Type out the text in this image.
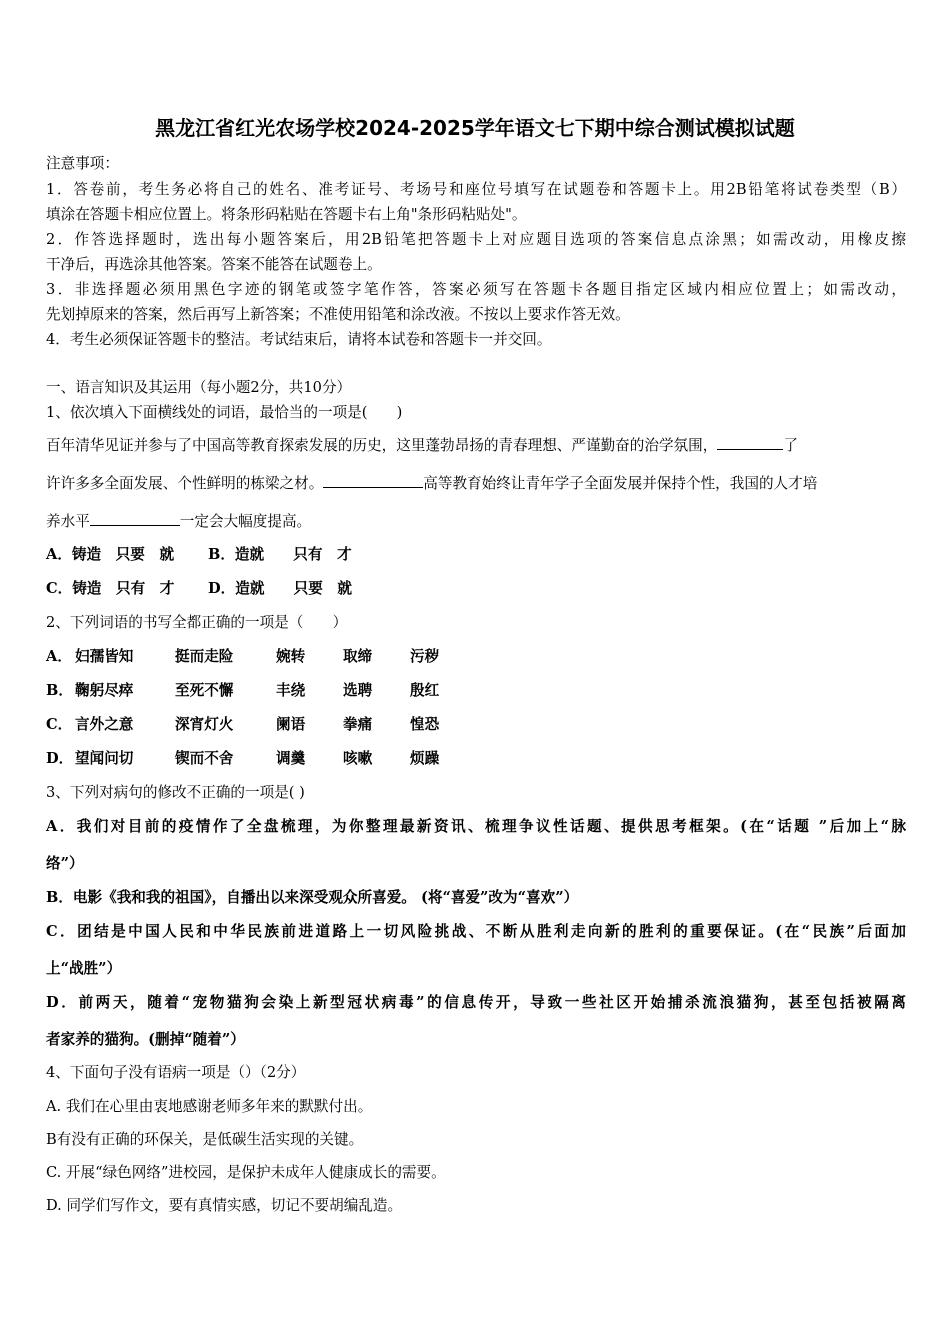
黑龙江省红光农场学校2024-2025学年语文七下期中综合测试模拟试题
注意事项：
1．答卷前，考生务必将自己的姓名、准考证号、考场号和座位号填写在试题卷和答题卡上。用2B铅笔将试卷类型（B）
填涂在答题卡相应位置上。将条形码粘贴在答题卡右上角"条形码粘贴处"。
2．作答选择题时，选出每小题答案后，用2B铅笔把答题卡上对应题目选项的答案信息点涂黑；如需改动，用橡皮擦
干净后，再选涂其他答案。答案不能答在试题卷上。
3．非选择题必须用黑色字迹的钢笔或签字笔作答，答案必须写在答题卡各题目指定区域内相应位置上；如需改动，
先划掉原来的答案，然后再写上新答案；不准使用铅笔和涂改液。不按以上要求作答无效。
4．考生必须保证答题卡的整洁。考试结束后，请将本试卷和答题卡一并交回。
一、语言知识及其运用（每小题2分，共10分）
1、依次填入下面横线处的词语，最恰当的一项是(　　)
百年清华见证并参与了中国高等教育探索发展的历史，这里蓬勃昂扬的青春理想、严谨勤奋的治学氛围，	了
许许多多全面发展、个性鲜明的栋梁之材。	高等教育始终让青年学子全面发展并保持个性，我国的人才培
养水平	一定会大幅度提高。
A．铸造　只要　就 B．造就　　只有　才
C．铸造　只有　才 D．造就　　只要　就
2、下列词语的书写全都正确的一项是（　　）
A． 妇孺皆知	挺而走险	婉转	取缔	污秽
B． 鞠躬尽瘁	至死不懈	丰绕	选聘	殷红
C． 言外之意	深宵灯火	阑语	拳痛	惶恐
D． 望闻问切	锲而不舍	调羹	咳嗽	烦躁
3、下列对病句的修改不正确的一项是( )
A．我们对目前的疫情作了全盘梳理，为你整理最新资讯、梳理争议性话题、提供思考框架。(在“话题 ”后加上“脉
络”）
B．电影《我和我的祖国》，自播出以来深受观众所喜爱。 (将“喜爱”改为“喜欢”）
C．团结是中国人民和中华民族前进道路上一切风险挑战、不断从胜利走向新的胜利的重要保证。(在“民族”后面加
上“战胜”）
D．前两天，随着“宠物猫狗会染上新型冠状病毒”的信息传开，导致一些社区开始捕杀流浪猫狗，甚至包括被隔离
者家养的猫狗。(删掉“随着”）
4、下面句子没有语病一项是（）（2分）
A. 我们在心里由衷地感谢老师多年来的默默付出。
B有没有正确的环保关，是低碳生活实现的关键。
C. 开展“绿色网络”进校园，是保护未成年人健康成长的需要。
D. 同学们写作文，要有真情实感，切记不要胡编乱造。
